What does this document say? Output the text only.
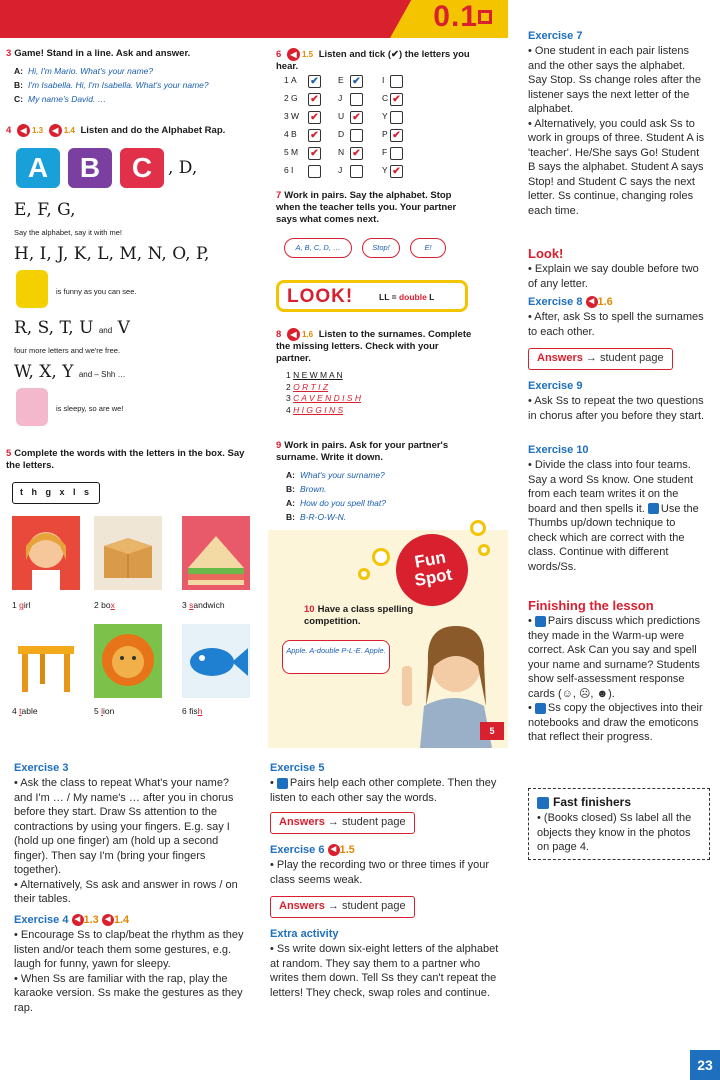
0.1
3 Game! Stand in a line. Ask and answer.
A: Hi, I'm Mario. What's your name?
B: I'm Isabella. Hi, I'm Isabella. What's your name?
C: My name's David. …
4 ◀ 1.3 ◀ 1.4 Listen and do the Alphabet Rap.
A	B	C , D,
E, F, G,
Say the alphabet, say it with me!
H, I, J, K, L, M, N, O, P,
is funny as you can see.
R, S, T, U and V
four more letters and we're free.
W, X, Y and – Shh …
is sleepy, so are we!
5 Complete the words with the letters in the box. Say the letters.
t h g x l s
1 girl	2 box	3 sandwich
4 table	5 lion	6 fish
6 ◀ 1.5 Listen and tick (✔) the letters you hear.
1 A ✔ E ✔	I
2 G ✔ J	C ✔
3 W ✔ U ✔	Y
4 B ✔ D	P ✔
5 M ✔ N ✔	F
6 I	J	Y ✔
7 Work in pairs. Say the alphabet. Stop when the teacher tells you. Your partner says what comes next.
A, B, C, D, …	Stop!	E!
LOOK!	LL = double L
8 ◀ 1.6 Listen to the surnames. Complete the missing letters. Check with your partner.
1 N E W M A N
2 O R T I Z
3 C A V E N D I S H
4 H I G G I N S
9 Work in pairs. Ask for your partner's surname. Write it down.
A: What's your surname?
B: Brown.
A: How do you spell that?
B: B-R-O-W-N.
Fun
Spot
10 Have a class spelling competition.
Apple. A-double P-L-E. Apple.
5
Exercise 3
• Ask the class to repeat What's your name? and I'm … / My name's … after you in chorus before they start. Draw Ss attention to the contractions by using your fingers. E.g. say I (hold up one finger) am (hold up a second finger). Then say I'm (bring your fingers together).
• Alternatively, Ss ask and answer in rows / on their tables.
Exercise 4 ◀ 1.3 ◀ 1.4
• Encourage Ss to clap/beat the rhythm as they listen and/or teach them some gestures, e.g. laugh for funny, yawn for sleepy.
• When Ss are familiar with the rap, play the karaoke version. Ss make the gestures as they rap.
Exercise 5
• Pairs help each other complete. Then they listen to each other say the words.
Answers → student page
Exercise 6 ◀ 1.5
• Play the recording two or three times if your class seems weak.
Answers → student page
Extra activity
• Ss write down six-eight letters of the alphabet at random. They say them to a partner who writes them down. Tell Ss they can't repeat the letters! They check, swap roles and continue.
Exercise 7
• One student in each pair listens and the other says the alphabet. Say Stop. Ss change roles after the listener says the next letter of the alphabet.
• Alternatively, you could ask Ss to work in groups of three. Student A is 'teacher'. He/She says Go! Student B says the alphabet. Student A says Stop! and Student C says the next letter. Ss continue, changing roles each time.
Look!
• Explain we say double before two of any letter.
Exercise 8 ◀ 1.6
• After, ask Ss to spell the surnames to each other.
Answers → student page
Exercise 9
• Ask Ss to repeat the two questions in chorus after you before they start.
Exercise 10
• Divide the class into four teams. Say a word Ss know. One student from each team writes it on the board and then spells it. Use the Thumbs up/down technique to check which are correct with the class. Continue with different words/Ss.
Finishing the lesson
• Pairs discuss which predictions they made in the Warm-up were correct. Ask Can you say and spell your name and surname? Students show self-assessment response cards (☺, ☹, ☻).
• Ss copy the objectives into their notebooks and draw the emoticons that reflect their progress.
Fast finishers
• (Books closed) Ss label all the objects they know in the photos on page 4.
23
